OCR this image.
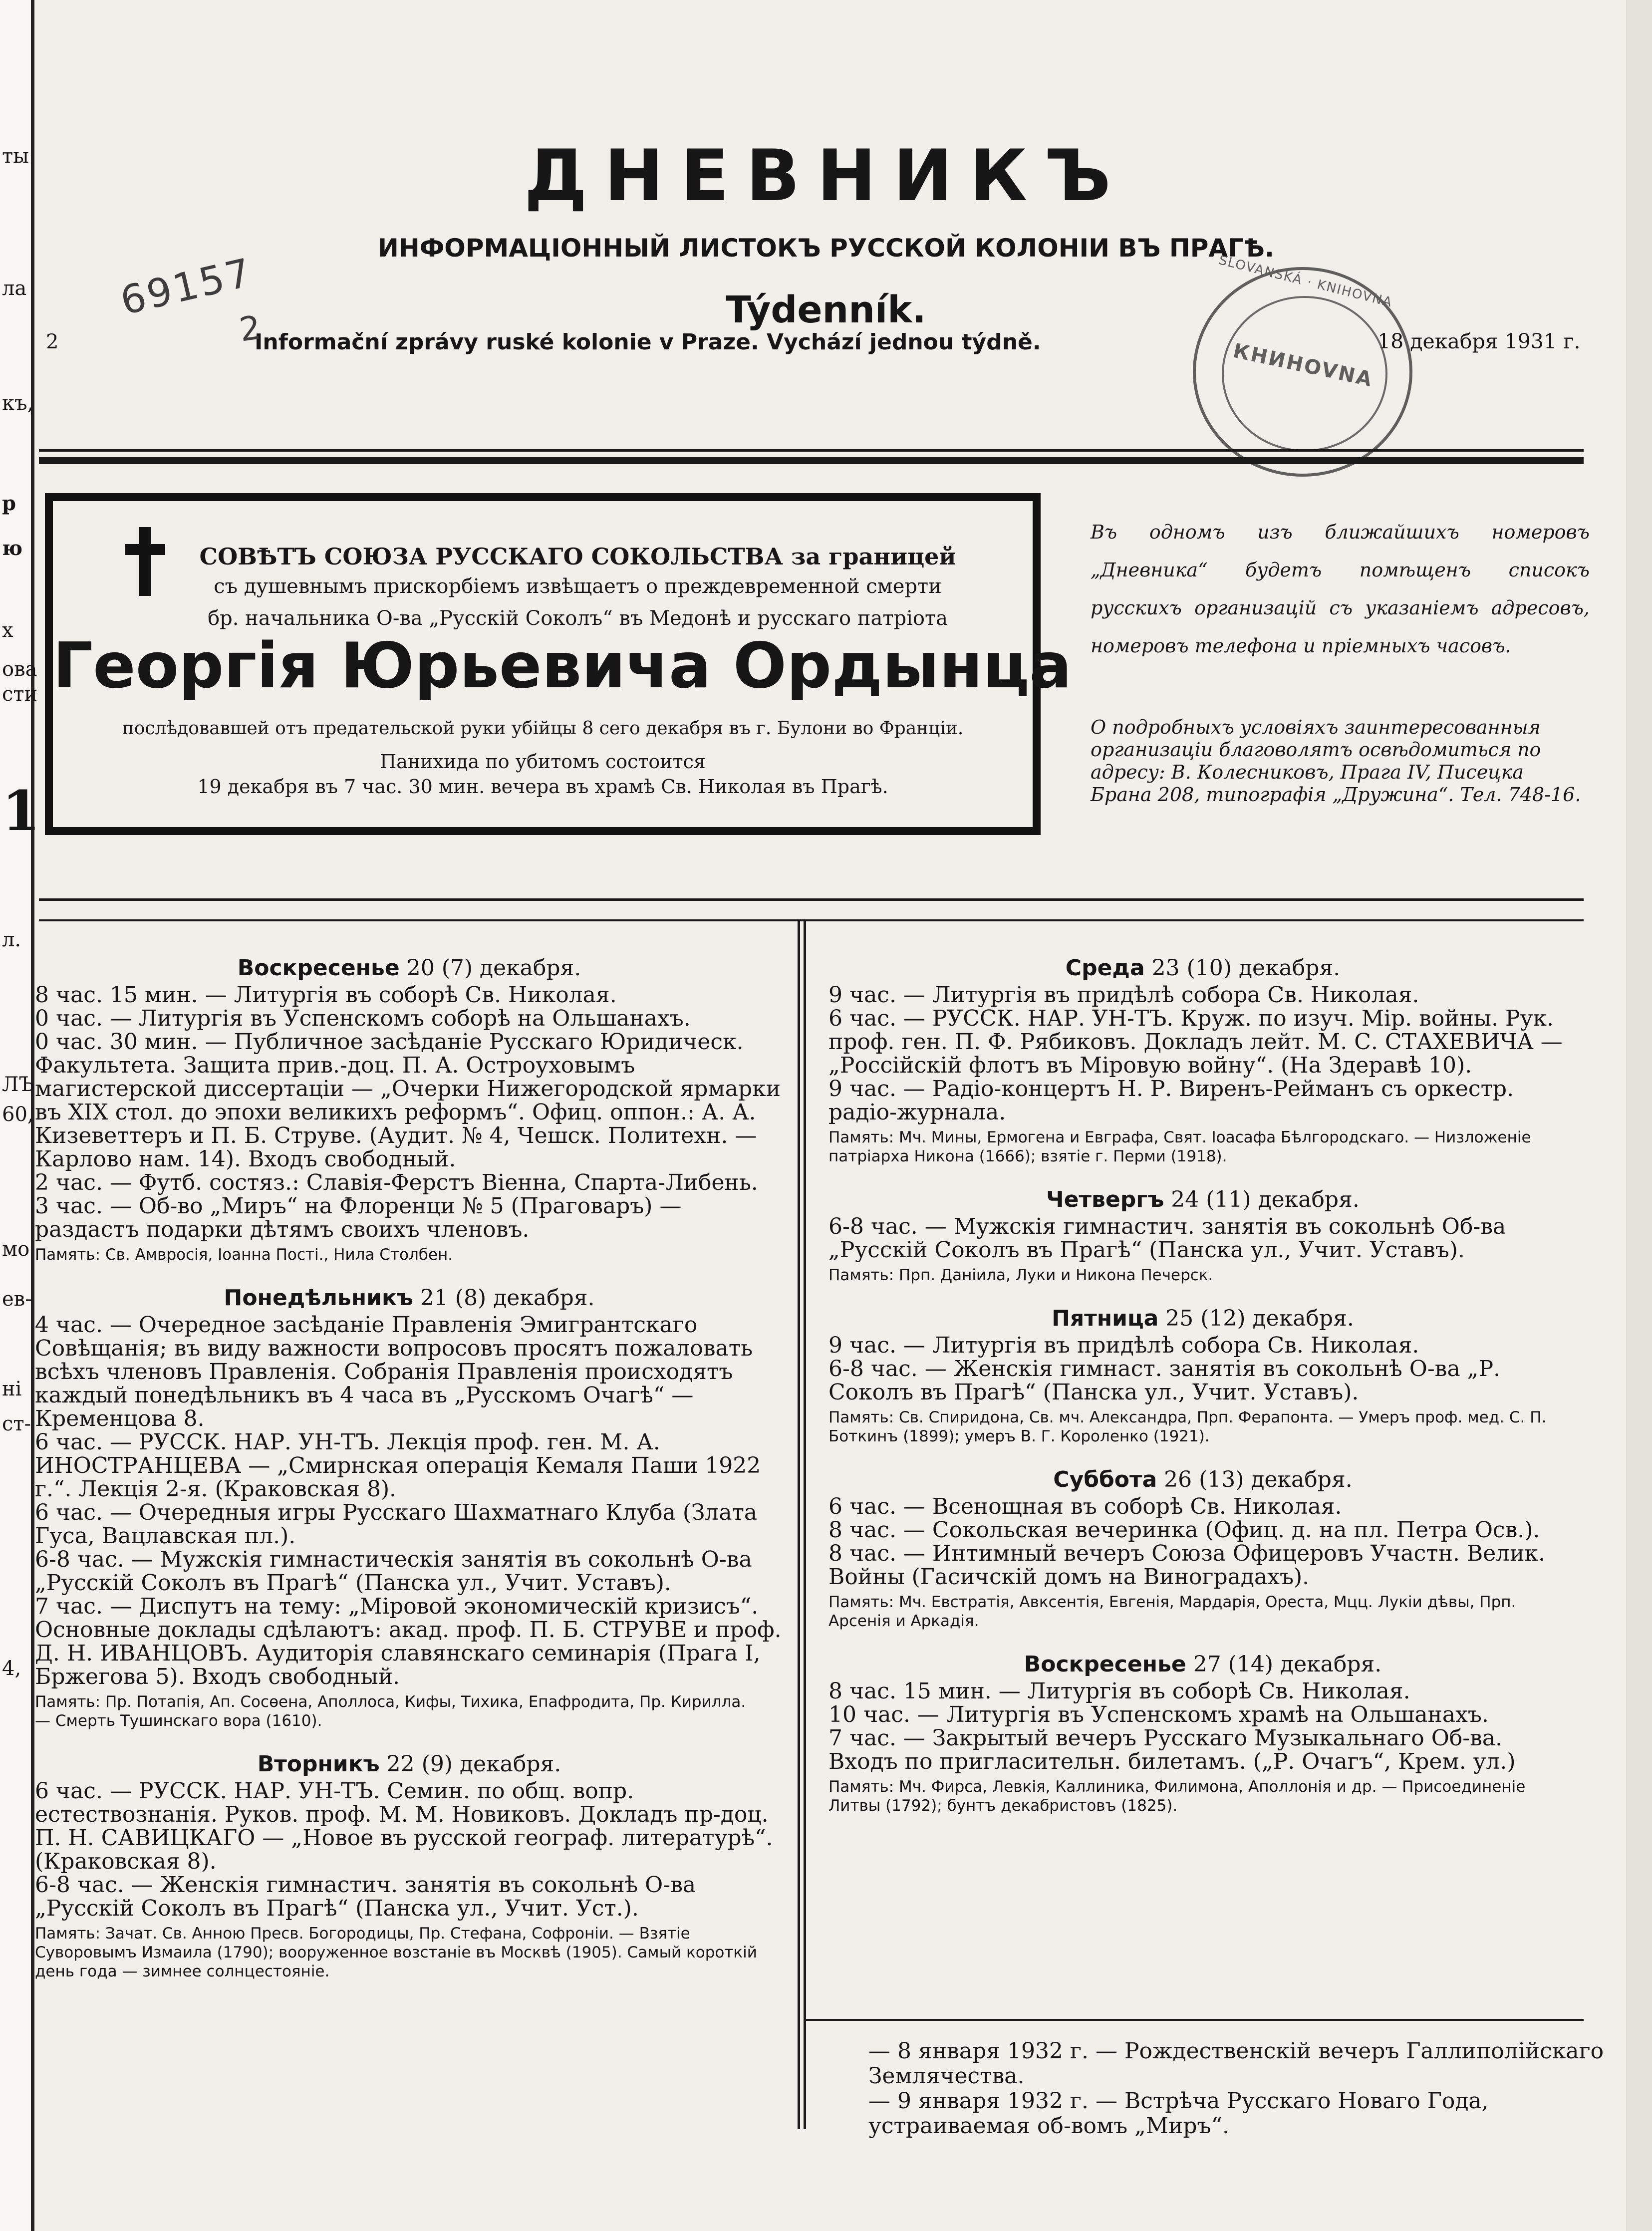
ты
ла
къ,
р
ю
х
ова
сти
1
л.
ЛЪ
60,
мо
ев-
ні
ст-
4,
ДНЕВНИКЪ
ИНФОРМАЦІОННЫЙ ЛИСТОКЪ РУССКОЙ КОЛОНІИ ВЪ ПРАГѢ.
Týdenník.
Informační zprávy ruské kolonie v Praze. Vychází jednou týdně.
2	18 декабря 1931 г.
69157
2
SLOVANSKÁ · KNIHOVNA
КНИHOVNA
СОВѢТЪ СОЮЗА РУССКАГО СОКОЛЬСТВА за границей
съ душевнымъ прискорбіемъ извѣщаетъ о преждевременной смерти
бр. начальника О-ва „Русскій Соколъ“ въ Медонѣ и русскаго патріота
Георгія Юрьевича Ордынца
послѣдовавшей отъ предательской руки убійцы 8 сего декабря въ г. Булони во Франціи.
Панихида по убитомъ состоится
19 декабря въ 7 час. 30 мин. вечера въ храмѣ Св. Николая въ Прагѣ.
Въ одномъ изъ ближайшихъ номеровъ „Дневника“ будетъ помѣщенъ списокъ русскихъ организацій съ указаніемъ адресовъ, номеровъ телефона и пріемныхъ часовъ.
О подробныхъ условіяхъ заинтересованныя организаціи благоволятъ освѣдомиться по адресу: В. Колесниковъ, Прага IV, Писецка Брана 208, типографія „Дружина“. Тел. 748-16.
Воскресенье 20 (7) декабря.
8 час. 15 мин. — Литургія въ соборѣ Св. Николая.
0 час. — Литургія въ Успенскомъ соборѣ на Ольшанахъ.
0 час. 30 мин. — Публичное засѣданіе Русскаго Юридическ. Факультета. Защита прив.-доц. П. А. Остроуховымъ магистерской диссертаціи — „Очерки Нижегородской ярмарки въ XIX стол. до эпохи великихъ реформъ“. Офиц. оппон.: А. А. Кизеветтеръ и П. Б. Струве. (Аудит. № 4, Чешск. Политехн. — Карлово нам. 14). Входъ свободный.
2 час. — Футб. состяз.: Славія-Ферстъ Віенна, Спарта-Либень.
3 час. — Об-во „Миръ“ на Флоренци № 5 (Праговаръ) — раздастъ подарки дѣтямъ своихъ членовъ.
Память: Св. Амвросія, Іоанна Пості., Нила Столбен.
Понедѣльникъ 21 (8) декабря.
4 час. — Очередное засѣданіе Правленія Эмигрантскаго Совѣщанія; въ виду важности вопросовъ просятъ пожаловать всѣхъ членовъ Правленія. Собранія Правленія происходятъ каждый понедѣльникъ въ 4 часа въ „Русскомъ Очагѣ“ — Кременцова 8.
6 час. — РУССК. НАР. УН-ТЪ. Лекція проф. ген. М. А. ИНОСТРАНЦЕВА — „Смирнская операція Кемаля Паши 1922 г.“. Лекція 2-я. (Краковская 8).
6 час. — Очередныя игры Русскаго Шахматнаго Клуба (Злата Гуса, Вацлавская пл.).
6-8 час. — Мужскія гимнастическія занятія въ сокольнѣ О-ва „Русскій Соколъ въ Прагѣ“ (Панска ул., Учит. Уставъ).
7 час. — Диспутъ на тему: „Міровой экономическій кризисъ“. Основные доклады сдѣлаютъ: акад. проф. П. Б. СТРУВЕ и проф. Д. Н. ИВАНЦОВЪ. Аудиторія славянскаго семинарія (Прага I, Бржегова 5). Входъ свободный.
Память: Пр. Потапія, Ап. Сосѳена, Аполлоса, Кифы, Тихика, Епафродита, Пр. Кирилла.
— Смерть Тушинскаго вора (1610).
Вторникъ 22 (9) декабря.
6 час. — РУССК. НАР. УН-ТЪ. Семин. по общ. вопр. естествознанія. Руков. проф. М. М. Новиковъ. Докладъ пр-доц. П. Н. САВИЦКАГО — „Новое въ русской географ. литературѣ“. (Краковская 8).
6-8 час. — Женскія гимнастич. занятія въ сокольнѣ О-ва „Русскій Соколъ въ Прагѣ“ (Панска ул., Учит. Уст.).
Память: Зачат. Св. Анною Пресв. Богородицы, Пр. Стефана, Софроніи. — Взятіе Суворовымъ Измаила (1790); вооруженное возстаніе въ Москвѣ (1905). Самый короткій день года — зимнее солнцестояніе.
Среда 23 (10) декабря.
9 час. — Литургія въ придѣлѣ собора Св. Николая.
6 час. — РУССК. НАР. УН-ТЪ. Круж. по изуч. Мір. войны. Рук. проф. ген. П. Ф. Рябиковъ. Докладъ лейт. М. С. СТАХЕВИЧА — „Россійскій флотъ въ Міровую войну“. (На Здеравѣ 10).
9 час. — Радіо-концертъ Н. Р. Виренъ-Рейманъ съ оркестр. радіо-журнала.
Память: Мч. Мины, Ермогена и Евграфа, Свят. Іоасафа Бѣлгородскаго. — Низложеніе патріарха Никона (1666); взятіе г. Перми (1918).
Четвергъ 24 (11) декабря.
6-8 час. — Мужскія гимнастич. занятія въ сокольнѣ Об-ва „Русскій Соколъ въ Прагѣ“ (Панска ул., Учит. Уставъ).
Память: Прп. Даніила, Луки и Никона Печерск.
Пятница 25 (12) декабря.
9 час. — Литургія въ придѣлѣ собора Св. Николая.
6-8 час. — Женскія гимнаст. занятія въ сокольнѣ О-ва „Р. Соколъ въ Прагѣ“ (Панска ул., Учит. Уставъ).
Память: Св. Спиридона, Св. мч. Александра, Прп. Ферапонта. — Умеръ проф. мед. С. П. Боткинъ (1899); умеръ В. Г. Короленко (1921).
Суббота 26 (13) декабря.
6 час. — Всенощная въ соборѣ Св. Николая.
8 час. — Сокольская вечеринка (Офиц. д. на пл. Петра Осв.).
8 час. — Интимный вечеръ Союза Офицеровъ Участн. Велик. Войны (Гасичскій домъ на Виноградахъ).
Память: Мч. Евстратія, Авксентія, Евгенія, Мардарія, Ореста, Мцц. Лукіи дѣвы, Прп. Арсенія и Аркадія.
Воскресенье 27 (14) декабря.
8 час. 15 мин. — Литургія въ соборѣ Св. Николая.
10 час. — Литургія въ Успенскомъ храмѣ на Ольшанахъ.
7 час. — Закрытый вечеръ Русскаго Музыкальнаго Об-ва. Входъ по пригласительн. билетамъ. („Р. Очагъ“, Крем. ул.)
Память: Мч. Фирса, Левкія, Каллиника, Филимона, Аполлонія и др. — Присоединеніе Литвы (1792); бунтъ декабристовъ (1825).
— 8 января 1932 г. — Рождественскій вечеръ Галлиполійскаго Землячества.
— 9 января 1932 г. — Встрѣча Русскаго Новаго Года, устраиваемая об-вомъ „Миръ“.
